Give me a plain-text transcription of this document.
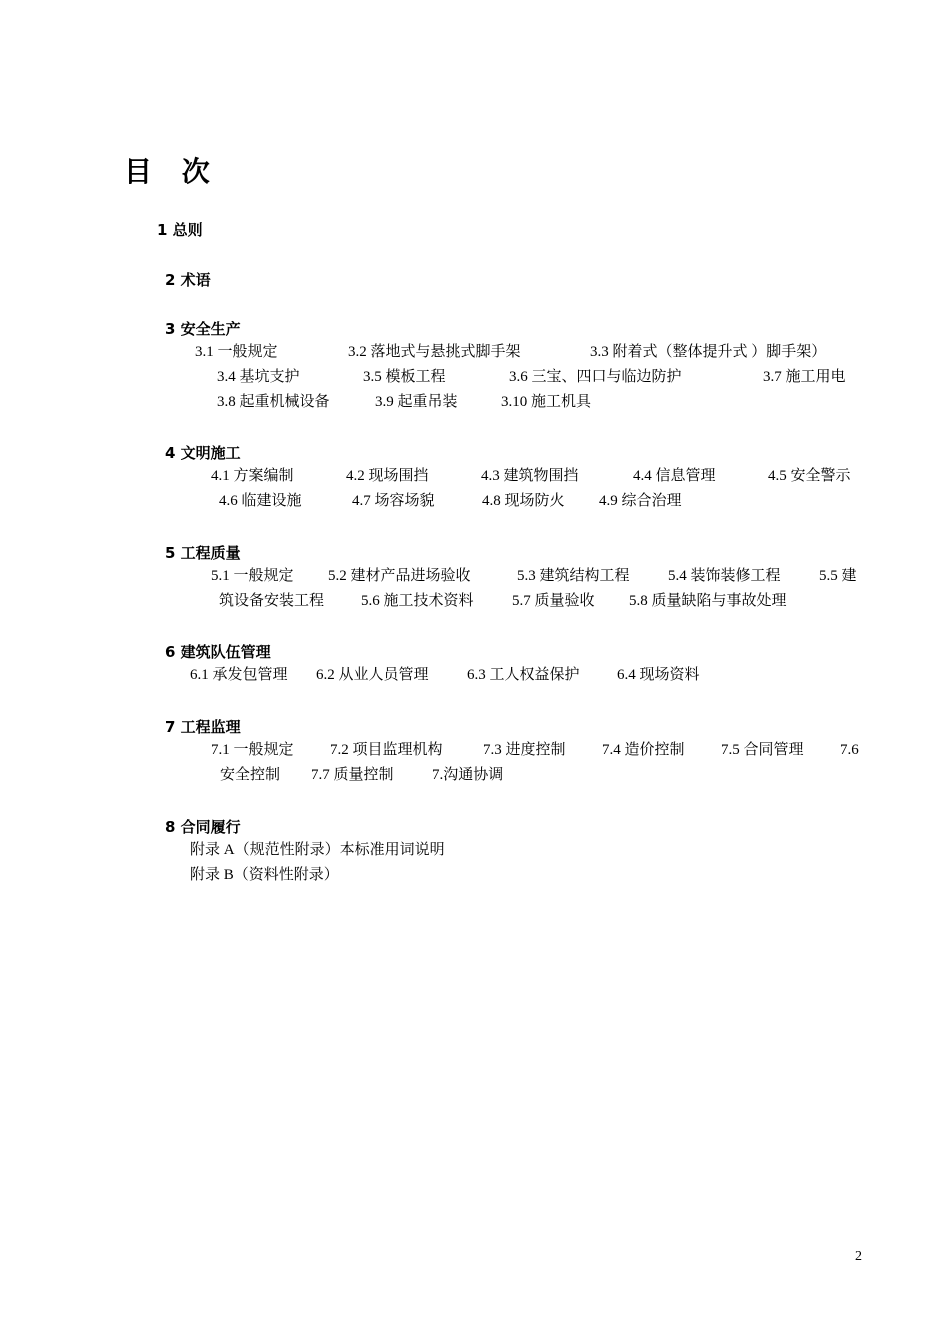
目 次
1 总则
2 术语
3 安全生产
3.1 一般规定	3.2 落地式与悬挑式脚手架	3.3 附着式（整体提升式 ）脚手架）
3.4 基坑支护	3.5 模板工程	3.6 三宝、四口与临边防护	3.7 施工用电
3.8 起重机械设备	3.9 起重吊装	3.10 施工机具
4 文明施工
4.1 方案编制	4.2 现场围挡	4.3 建筑物围挡	4.4 信息管理	4.5 安全警示
4.6 临建设施	4.7 场容场貌	4.8 现场防火 4.9 综合治理
5 工程质量
5.1 一般规定 5.2 建材产品进场验收	5.3 建筑结构工程	5.4 装饰装修工程	5.5 建
筑设备安装工程 5.6 施工技术资料	5.7 质量验收 5.8 质量缺陷与事故处理
6 建筑队伍管理
6.1 承发包管理 6.2 从业人员管理	6.3 工人权益保护 6.4 现场资料
7 工程监理
7.1 一般规定 7.2 项目监理机构	7.3 进度控制 7.4 造价控制 7.5 合同管理 7.6
安全控制 7.7 质量控制	7.沟通协调
8 合同履行
附录 A（规范性附录）本标准用词说明
附录 B（资料性附录）
2
